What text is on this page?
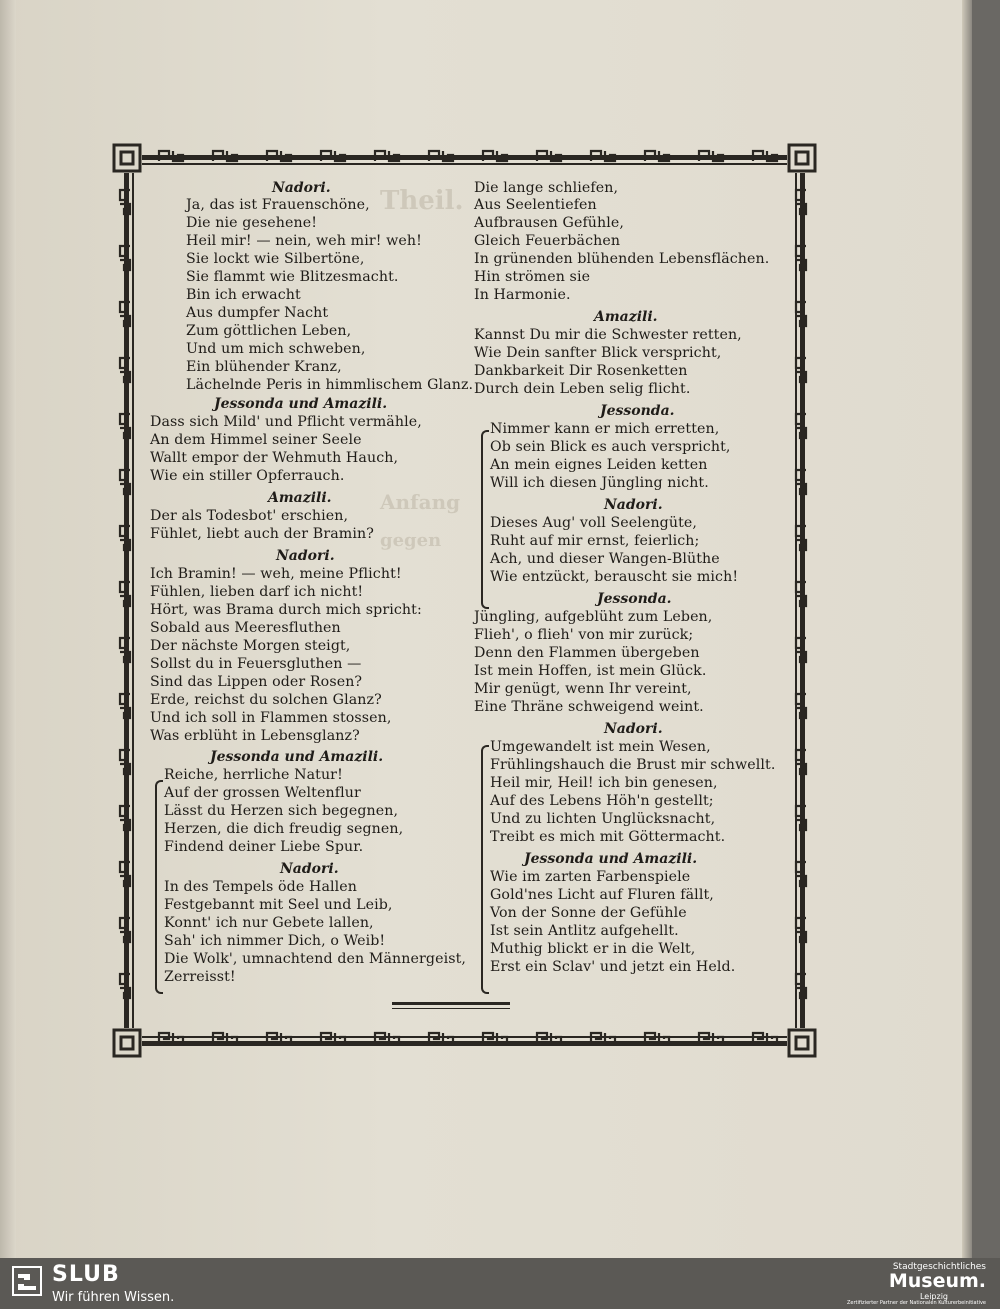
Theil.
Anfang
gegen
Nadori.
Ja, das ist Frauenschöne,
Die nie gesehene!
Heil mir! — nein, weh mir! weh!
Sie lockt wie Silbertöne,
Sie flammt wie Blitzesmacht.
Bin ich erwacht
Aus dumpfer Nacht
Zum göttlichen Leben,
Und um mich schweben,
Ein blühender Kranz,
Lächelnde Peris in himmlischem Glanz.
Jessonda und Amazili.
Dass sich Mild' und Pflicht vermähle,
An dem Himmel seiner Seele
Wallt empor der Wehmuth Hauch,
Wie ein stiller Opferrauch.
Amazili.
Der als Todesbot' erschien,
Fühlet, liebt auch der Bramin?
Nadori.
Ich Bramin! — weh, meine Pflicht!
Fühlen, lieben darf ich nicht!
Hört, was Brama durch mich spricht:
Sobald aus Meeresfluthen
Der nächste Morgen steigt,
Sollst du in Feuersgluthen —
Sind das Lippen oder Rosen?
Erde, reichst du solchen Glanz?
Und ich soll in Flammen stossen,
Was erblüht in Lebensglanz?
Jessonda und Amazili.
Reiche, herrliche Natur!
Auf der grossen Weltenflur
Lässt du Herzen sich begegnen,
Herzen, die dich freudig segnen,
Findend deiner Liebe Spur.
Nadori.
In des Tempels öde Hallen
Festgebannt mit Seel und Leib,
Konnt' ich nur Gebete lallen,
Sah' ich nimmer Dich, o Weib!
Die Wolk', umnachtend den Männergeist,
Zerreisst!
Die lange schliefen,
Aus Seelentiefen
Aufbrausen Gefühle,
Gleich Feuerbächen
In grünenden blühenden Lebensflächen.
Hin strömen sie
In Harmonie.
Amazili.
Kannst Du mir die Schwester retten,
Wie Dein sanfter Blick verspricht,
Dankbarkeit Dir Rosenketten
Durch dein Leben selig flicht.
Jessonda.
Nimmer kann er mich erretten,
Ob sein Blick es auch verspricht,
An mein eignes Leiden ketten
Will ich diesen Jüngling nicht.
Nadori.
Dieses Aug' voll Seelengüte,
Ruht auf mir ernst, feierlich;
Ach, und dieser Wangen-Blüthe
Wie entzückt, berauscht sie mich!
Jessonda.
Jüngling, aufgeblüht zum Leben,
Flieh', o flieh' von mir zurück;
Denn den Flammen übergeben
Ist mein Hoffen, ist mein Glück.
Mir genügt, wenn Ihr vereint,
Eine Thräne schweigend weint.
Nadori.
Umgewandelt ist mein Wesen,
Frühlingshauch die Brust mir schwellt.
Heil mir, Heil! ich bin genesen,
Auf des Lebens Höh'n gestellt;
Und zu lichten Unglücksnacht,
Treibt es mich mit Göttermacht.
Jessonda und Amazili.
Wie im zarten Farbenspiele
Gold'nes Licht auf Fluren fällt,
Von der Sonne der Gefühle
Ist sein Antlitz aufgehellt.
Muthig blickt er in die Welt,
Erst ein Sclav' und jetzt ein Held.
SLUB
Wir führen Wissen.
Stadtgeschichtliches
Museum.
Leipzig
Zertifizierter Partner der Nationalen Kulturerbeinitiative
